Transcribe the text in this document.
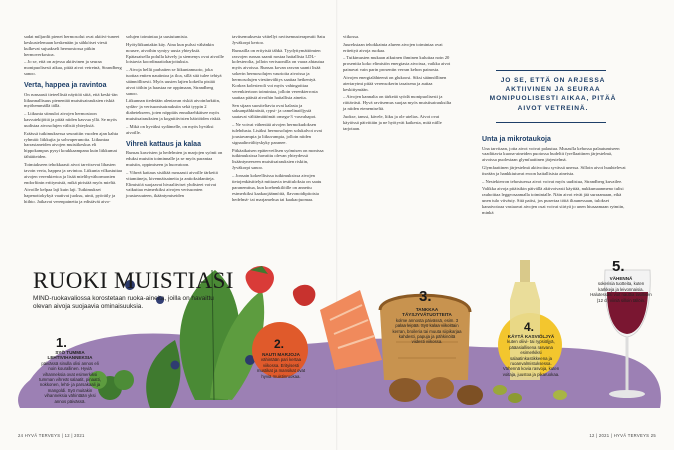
sadat miljardit pienet hermosolut ovat aktiivi-tuneet keskustelemaan keskenään ja sähköiset viesti kulkevat sujuakseli hermostossa pitkin hermoverkostoa.

– Jo se, että on arjessa aktiivinen ja seuraa monipuolisesti aikaa, pitää aivot vetreinä, Strandberg sanoo.

Verta, happea ja ravintoa

On runsaasti tieteellistä näyttöä siitä, että keski-iän liikunnallisuus pienentää muistisairauksien riskiä myöhemmällä iällä.

– Liikunta stimuloi aivojen hermostoon kasvutekijöitä ja pitää niiden kasvua yllä. Se myös uudistaa aivosolujen välisiä yhteyksiä.

Eräässä tutkimuksessa seurattiin vuoden ajan kahta ryhmää: liikkujia ja sohvaperunoita. Liikuntaa harrastaneiden aivojen muistikeskus eli hippokampus pysyi koukkaampana kuin liikkumat tähtäiteiden.

Toimiakseen tehokkaasti aivot tarvitsevat lihasten tavoin verta, happea ja ravintoa. Liikunta vilkastuttaa aivojen verenkiertoa ja lisää mielihyvähormonien endorfiinin erittymistä, mikä piristää myös mieltä.

Aivoille kelpaa lají kuin laji. Tutkimukset hapenottokykyä vaativat juoksu, uinti, pyöräily ja hiihto. Jaikavat verenpainetta ja edistävät aivo-

solujen toimintaa ja uusiutumista.

Hyötyliikuntakin käy. Aina kun pulssi vähänkin nousee, aivoihin syntyy uusia yhteyksiä. Epätasaisella polulla kävely ja siemenys ovat aivoille loistavia koordinaatioharjoituksia.

– Aivoja hellii parhaiten se liikuntamuoto, joka tuottaa eniten nautintoa ja iloa, sillä sitä tulee tehtyä säännöllisesti. Myös uusien lajien kokeilu pistää aivot töihin ja haastaa ne oppimaan, Strandberg sanoo.

Liikunnan tiedetään alentavan riskiä aivoinfarktiin, sydän- ja verisuonisairauksiin sekä tyypin 2 diabetekseen, joten nöppiäis ennaltaehkäisee myös muistisairauksien ja kognitiivisten häiriöiden riskiä.

– Mikä on hyväksi sydämelle, on myös hyväksi aivoille.

Vihreä kattaus ja kalaa

Runsas kasvisten ja hedelmien ja marjojen syönti on eduksi muistin toiminnalle ja se myös parantaa muistin, oppimiseen ja huovatoon.

– Vihreä kattaus sisältää runsaasti aivoille tärkeitä vitamiineja, kivennäisaineita ja antioksidantteja. Elimistöä suojaavat hivaalitviset yhdisteet voivat vaikuttaa esimerkiksi aivojen verisuonten joustavuuteen, ikääntymiseiden

tavitsemuksesta väitellyt ravitsemusterapeutti Satu Jyväkorpi kertoo.

Runsailla on erityisiä tähkä. Tyydyttymättömien rasvojen runsas saanti nostaa haitallista LDL-kolesterolia, jolloin verisuonilla on vaara ahtautua myös aivoissa. Runsas kovan rasvan saanti lisää sokerin hermosolujen vaurioita aivoissa ja hermosolujen viestinvälitys saattaa heikentyä. Korkea kolesteroli voi myös vahingoittaa verenkiertoon toimintaa, jolloin verenkierrosta saattaa päästä aivoihin haitallisia aineita.

Sen sijaan suositeltavia ovat kalasta ja saksanpähkinästä, rypsi- ja camelinaöljystä saatavat välttämättömät omega-3 -rasvahapot.

– Ne voivat vähentää aivojen hermokudoksen tulehdusta. Lisäksi hermosolujen solukalvot ovat joustavampia ja liikuvampia, jolloin niiden signaalinvälityskyky paranee.

Pitkäaikaisen epätervetlisen syömisen on monissa tutkimuksissa havaittu olevan yhteydessä lisääntyneeseen muistisairauksien riskiin, Jyväkorpi sanoo.

– Jonsain kokeellisissa tutkimuksissa aivojen tietojenkäsittelyä mittaavia testituloksia on saatu paranemttua, kun koehenkilöille on annettu esimerkiksi kaakaojäännöitä, flavonoidipitoisia hedelmä- tai marjamehua tai kaakaojuomaa.

viikossa.

Juureksiaan tehokkainta alueen aivojen toimintaa ovat eritettyä aivoja ruokaa.

– Tutkimusten mukaan aikuinen ihminen kuluttaa noin 20 prosenttia koko elimistön energiasta aivoissa, vaikka aivot painavat vain parin prosentin verran kehon painosta.

Aivojen energialähteenä on glukoosi. Siksi säännöllinen ateriarytmi pitää verensokerin tasaisena ja auttaa keskittymään.

– Aivojen kannalta on tärkeää syödä monipuolisesti ja riittävästi. Hyvä ravitsemus suojaa myös muistisairauksilta ja niiden etenemiseltä.

Juokse, tanssi, kävele, liiku ja ole utelias. Aivot ovat käytössä päivittäin ja ne hyötyvät kaikesta, mitä niille tarjotaan.

JO SE, ETTÄ ON ARJESSA AKTIIVINEN JA SEURAA MONIPUOLISESTI AIKAA, PITÄÄ AIVOT VETREINÄ.
Unta ja mikrotaukoja

Una tarvitaan, jotta aivot voivat palautua. Musasfla kehossa palautumiseen vaadittavia kuona-aineiden puotossa budeltit fyrellaattinen järjestelmä, aivoissa puolestaan glymfaattinen järjestelmä.

Glymfaattinen järjestelmä aktivoituu syvässä unessa. Silloin aivot huuhtelevat itseään ja hankkiutuvat eroon haitallisista aineista.

– Nestekierron tehostuessa aivot voivat myös uudistua, Strandberg kuvailee.

Valikka aivoja pitäisikin päivällä aktivoivasti käyttää, nukkumaanmeno tulisi rauhoittaa leggeosaamalla toimintalle. Näin aivot eivät jää surraamaan, eikä unen tulo viivästy. Sitä paitsi, jos pusertaa töitä iltaunessaan, tulokset kanaivotoaa vastaavat aivojen osat voivat siirtyä jo unen hiusaamaan rytmiin, minkä

RUOKI MUISTIASI
MIND-ruokavaliossa korostetaan ruoka-aineita, joilla on havaittu olevan aivoja suojaavia ominaisuuksia.
1.
SYÖ TUMMIA LEHTIVIHANNEKSIA
päivässä sinulla olisi annos eli noin kourallinen. Hyviä vihanneksia ovat esimerkiksi tumman vihreät salaatit, pinaatti, nokkonen, lehti- ja parsakaali ja mangoldi. Syö muitakin vihanneksia vähintään yksi annos päivässä.
2.
NAUTI MARJOJA
vähintään pari kertaa viikossa. Erityisesti mustikat ja mansikat ovat hyviä muistinruokaa.
3.
TANKKAA TÄYSJYVÄTUOTTEITA
kolme annosta päivässä, esim. 3 palaa leipää. Syö kalaa viikoittain kerran, broileria tai muuta siipikarjaa kahdesti, papuja ja pähkinöitä viidesti viikossa.
4.
KÄYTÄ KASVIÖLJYÄ
kuten oliivi- tai rypsiöljyä, pääasiallisena rasvana esimerkiksi salaatinkastikkeena ja ruoanvalmistuksessa. Vähennä kovia rasvoja, kuten voitaja, juustoa ja pikaruokaa.
5.
VÄHENNÄ
sokerisia tuotteita, kuten karkkeja ja leivonnaisia. Halutessasi voit nauttia lasillisen (12 cl) viiniä silloin tällöin.
24 HYVÄ TERVEYS | 12 | 2021	12 | 2021 | HYVÄ TERVEYS 25
